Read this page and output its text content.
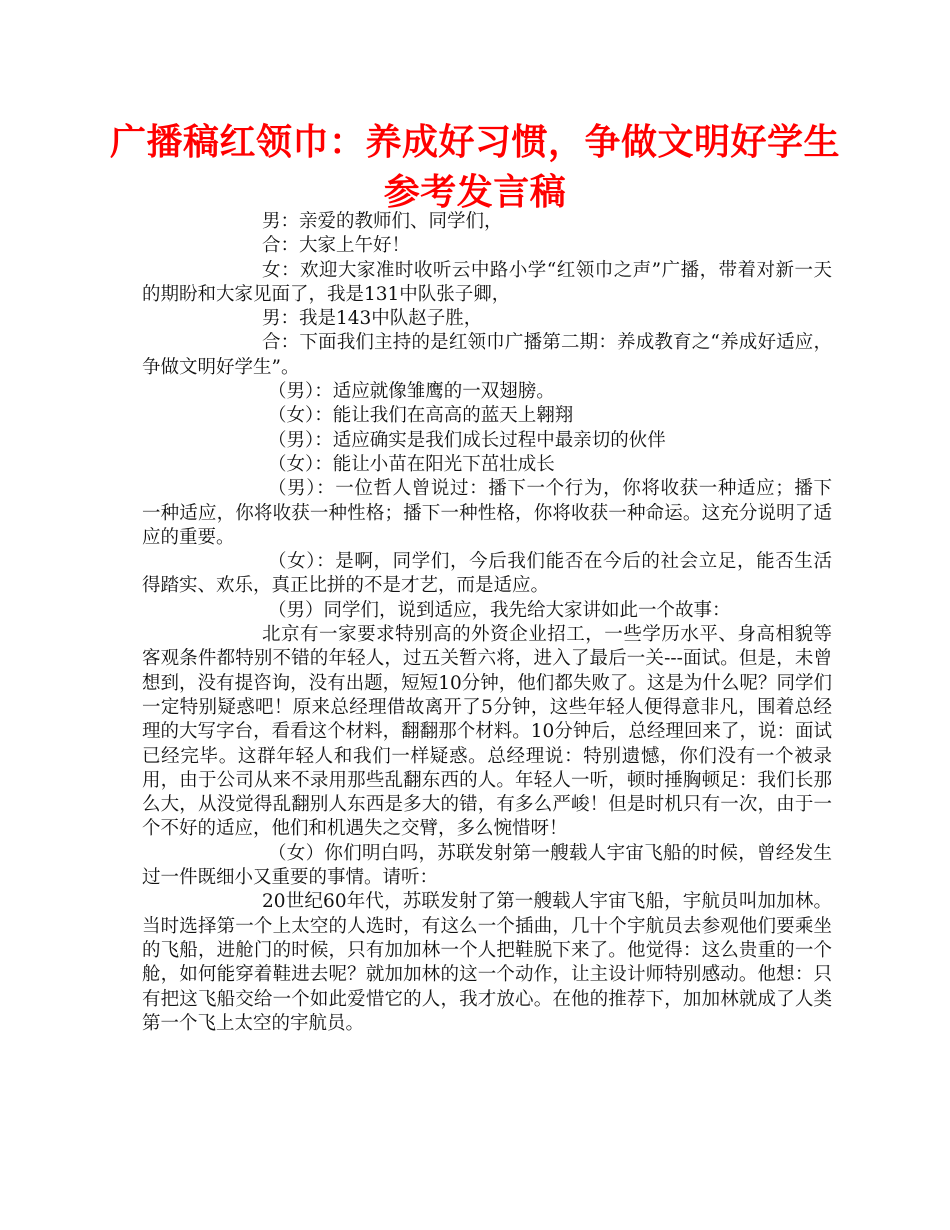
广播稿红领巾：养成好习惯，争做文明好学生参考发言稿

男：亲爱的教师们、同学们，

合：大家上午好！

女：欢迎大家准时收听云中路小学“红领巾之声”广播，带着对新一天的期盼和大家见面了，我是131中队张子卿，

男：我是143中队赵子胜，

合：下面我们主持的是红领巾广播第二期：养成教育之“养成好适应，争做文明好学生”。

（男）：适应就像雏鹰的一双翅膀。

（女）：能让我们在高高的蓝天上翱翔

（男）：适应确实是我们成长过程中最亲切的伙伴

（女）：能让小苗在阳光下茁壮成长

（男）：一位哲人曾说过：播下一个行为，你将收获一种适应；播下一种适应，你将收获一种性格；播下一种性格，你将收获一种命运。这充分说明了适应的重要。

（女）：是啊，同学们，今后我们能否在今后的社会立足，能否生活得踏实、欢乐，真正比拼的不是才艺，而是适应。

（男）同学们，说到适应，我先给大家讲如此一个故事：

北京有一家要求特别高的外资企业招工，一些学历水平、身高相貌等客观条件都特别不错的年轻人，过五关暂六将，进入了最后一关---面试。但是，未曾想到，没有提咨询，没有出题，短短10分钟，他们都失败了。这是为什么呢？同学们一定特别疑惑吧！原来总经理借故离开了5分钟，这些年轻人便得意非凡，围着总经理的大写字台，看看这个材料，翻翻那个材料。10分钟后，总经理回来了，说：面试已经完毕。这群年轻人和我们一样疑惑。总经理说：特别遗憾，你们没有一个被录用，由于公司从来不录用那些乱翻东西的人。年轻人一听，顿时捶胸顿足：我们长那么大，从没觉得乱翻别人东西是多大的错，有多么严峻！但是时机只有一次，由于一个不好的适应，他们和机遇失之交臂，多么惋惜呀！

（女）你们明白吗，苏联发射第一艘载人宇宙飞船的时候，曾经发生过一件既细小又重要的事情。请听：

20世纪60年代，苏联发射了第一艘载人宇宙飞船，宇航员叫加加林。当时选择第一个上太空的人选时，有这么一个插曲，几十个宇航员去参观他们要乘坐的飞船，进舱门的时候，只有加加林一个人把鞋脱下来了。他觉得：这么贵重的一个舱，如何能穿着鞋进去呢？就加加林的这一个动作，让主设计师特别感动。他想：只有把这飞船交给一个如此爱惜它的人，我才放心。在他的推荐下，加加林就成了人类第一个飞上太空的宇航员。
